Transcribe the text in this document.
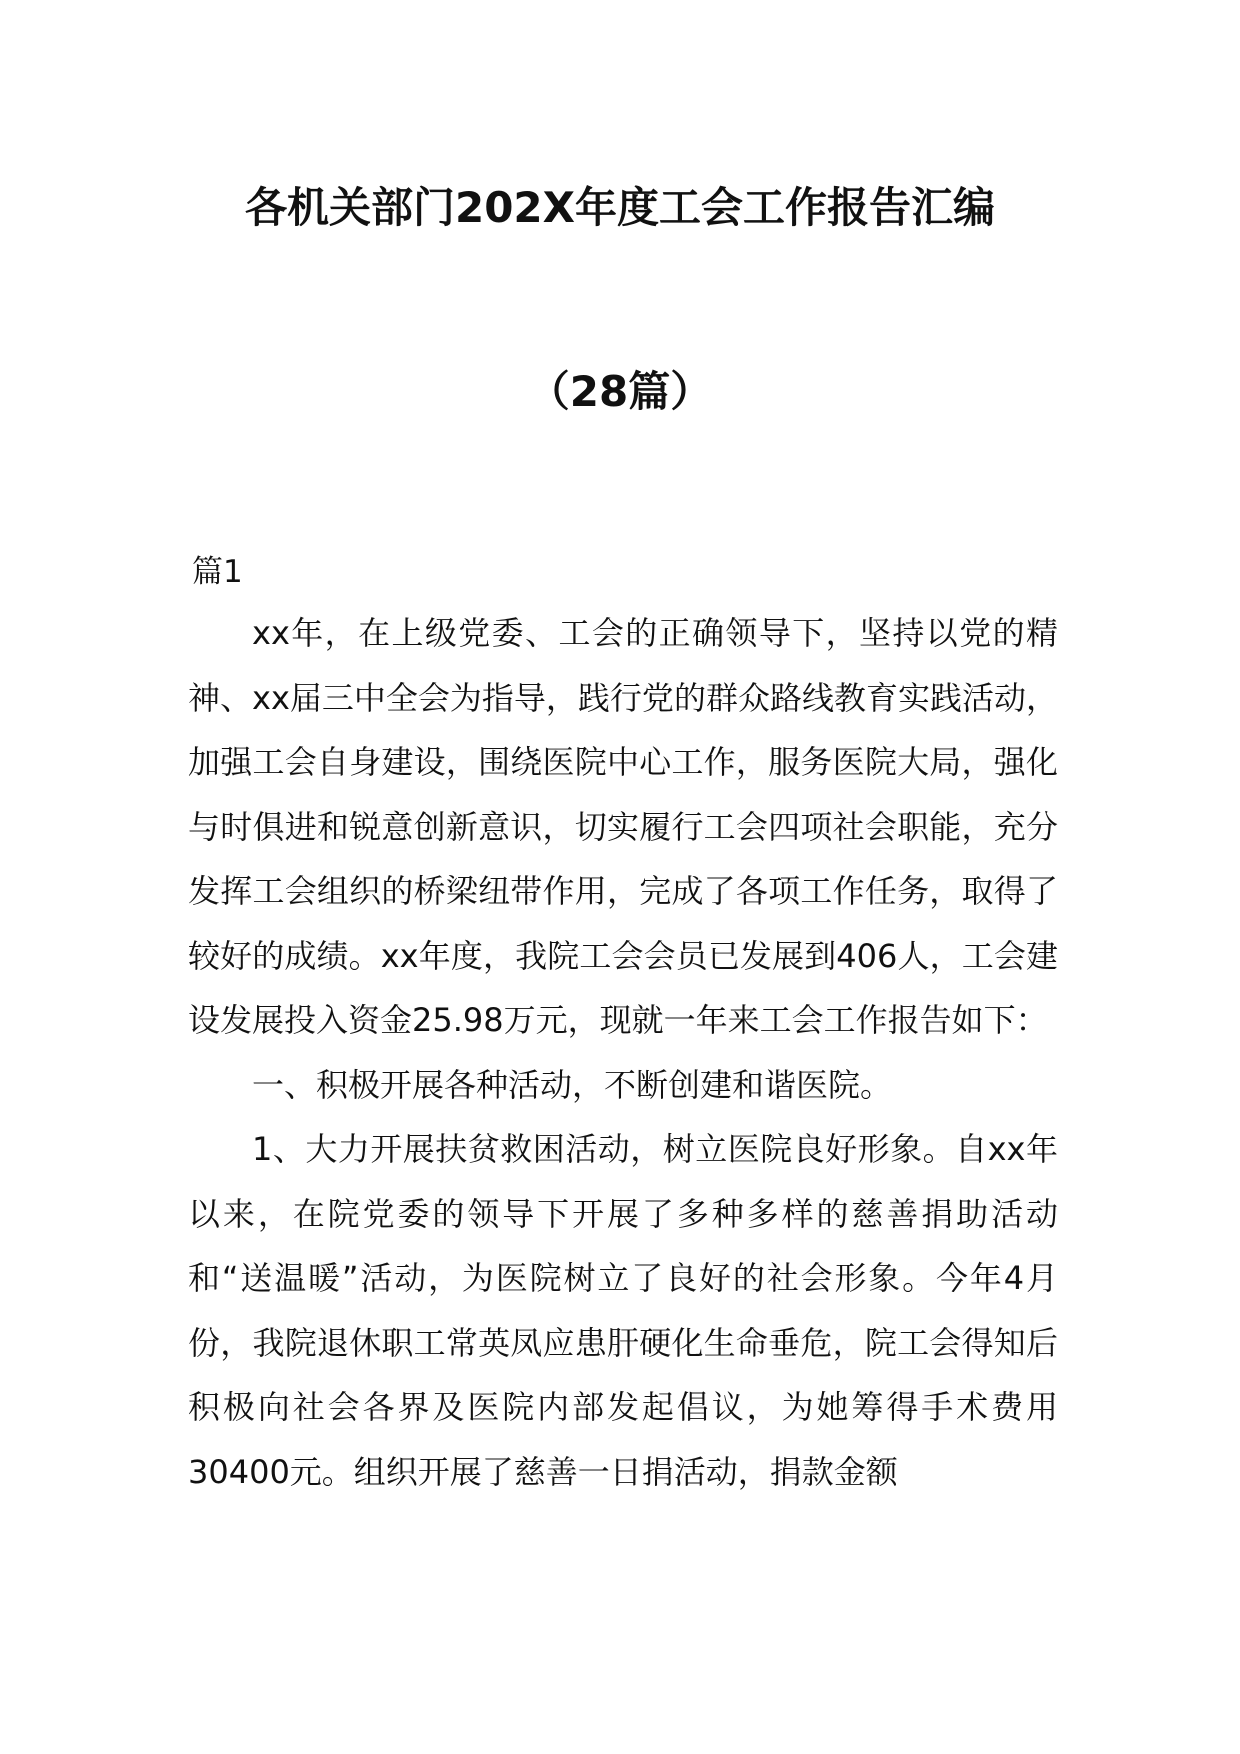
各机关部门202X年度工会工作报告汇编
（28篇）
篇1

xx年，在上级党委、工会的正确领导下，坚持以党的精神、xx届三中全会为指导，践行党的群众路线教育实践活动，加强工会自身建设，围绕医院中心工作，服务医院大局，强化与时俱进和锐意创新意识，切实履行工会四项社会职能，充分发挥工会组织的桥梁纽带作用，完成了各项工作任务，取得了较好的成绩。xx年度，我院工会会员已发展到406人，工会建设发展投入资金25.98万元，现就一年来工会工作报告如下：

一、积极开展各种活动，不断创建和谐医院。

1、大力开展扶贫救困活动，树立医院良好形象。自xx年以来，在院党委的领导下开展了多种多样的慈善捐助活动和“送温暖”活动，为医院树立了良好的社会形象。今年4月份，我院退休职工常英凤应患肝硬化生命垂危，院工会得知后积极向社会各界及医院内部发起倡议，为她筹得手术费用30400元。组织开展了慈善一日捐活动，捐款金额
